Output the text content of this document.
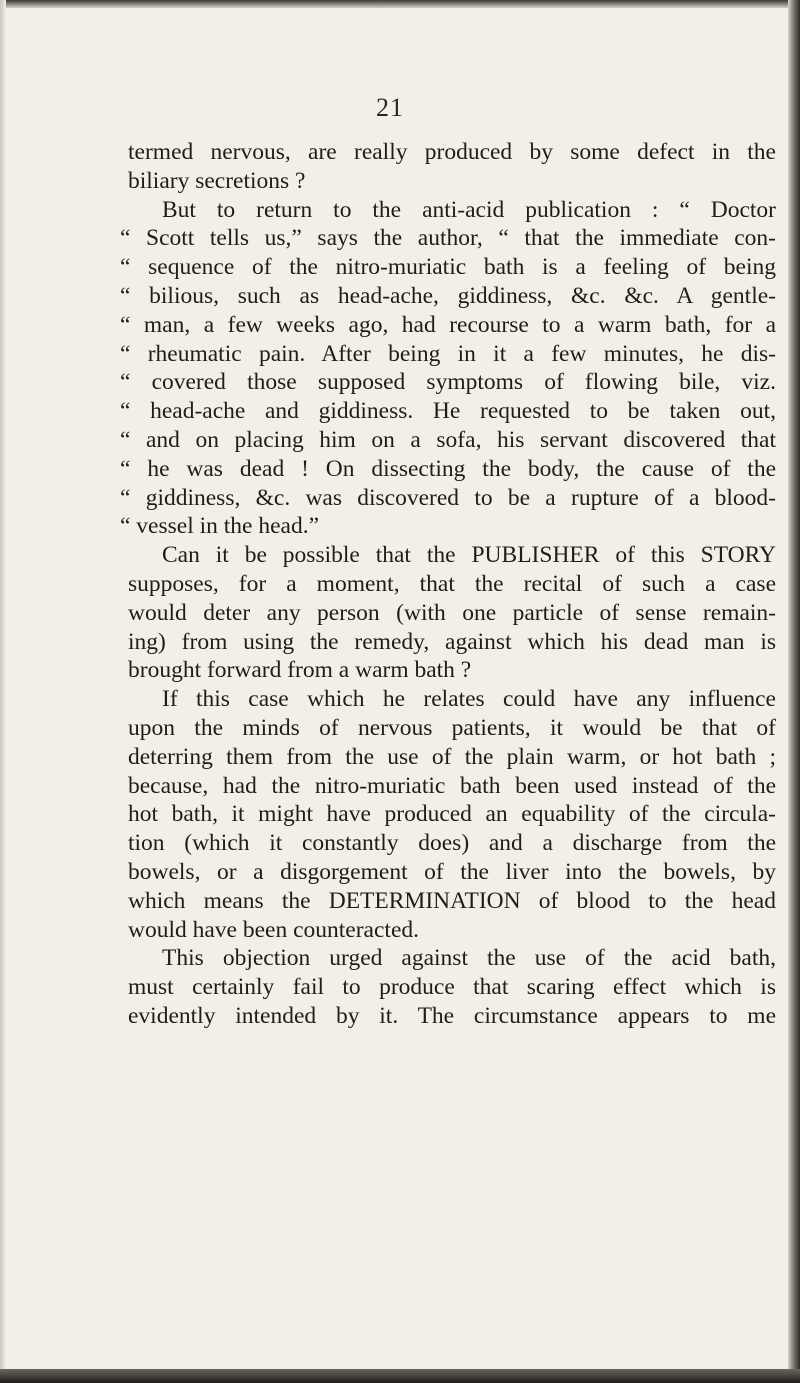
21
termed nervous, are really produced by some defect in the
biliary secretions ?
But to return to the anti-acid publication : “ Doctor
“ Scott tells us,” says the author, “ that the immediate con-
“ sequence of the nitro-muriatic bath is a feeling of being
“ bilious, such as head-ache, giddiness, &c. &c. A gentle-
“ man, a few weeks ago, had recourse to a warm bath, for a
“ rheumatic pain. After being in it a few minutes, he dis-
“ covered those supposed symptoms of flowing bile, viz.
“ head-ache and giddiness. He requested to be taken out,
“ and on placing him on a sofa, his servant discovered that
“ he was dead ! On dissecting the body, the cause of the
“ giddiness, &c. was discovered to be a rupture of a blood-
“ vessel in the head.”
Can it be possible that the PUBLISHER of this STORY
supposes, for a moment, that the recital of such a case
would deter any person (with one particle of sense remain-
ing) from using the remedy, against which his dead man is
brought forward from a warm bath ?
If this case which he relates could have any influence
upon the minds of nervous patients, it would be that of
deterring them from the use of the plain warm, or hot bath ;
because, had the nitro-muriatic bath been used instead of the
hot bath, it might have produced an equability of the circula-
tion (which it constantly does) and a discharge from the
bowels, or a disgorgement of the liver into the bowels, by
which means the DETERMINATION of blood to the head
would have been counteracted.
This objection urged against the use of the acid bath,
must certainly fail to produce that scaring effect which is
evidently intended by it. The circumstance appears to me
